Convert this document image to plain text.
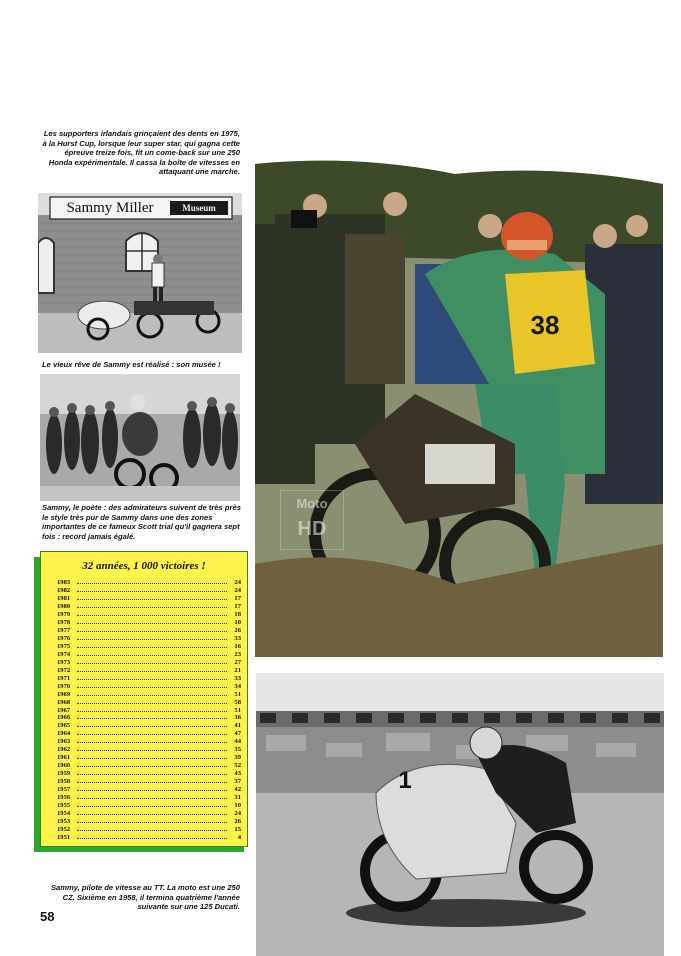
Les supporters irlandais grinçaient des dents en 1975, à la Hurst Cup, lorsque leur super star, qui gagna cette épreuve treize fois, fit un come-back sur une 250 Honda expérimentale. Il cassa la boîte de vitesses en attaquant une marche.
Sammy Miller	Museum
Le vieux rêve de Sammy est réalisé : son musée !
Sammy, le poète : des admirateurs suivent de très près le style très pur de Sammy dans une des zones importantes de ce fameux Scott trial qu'il gagnera sept fois : record jamais égalé.
32 années, 1 000 victoires !
1983	24
1982	24
1981	17
1980	17
1979	18
1978	10
1977	26
1976	33
1975	16
1974	23
1973	27
1972	21
1971	33
1970	34
1969	51
1968	58
1967	51
1966	36
1965	41
1964	47
1963	44
1962	35
1961	39
1960	52
1959	43
1958	37
1957	42
1956	31
1955	10
1954	24
1953	26
1952	15
1951	4
38
Moto
HD
1
Sammy, pilote de vitesse au TT. La moto est une 250 CZ. Sixième en 1958, il termina quatrième l'année suivante sur une 125 Ducati.
58
